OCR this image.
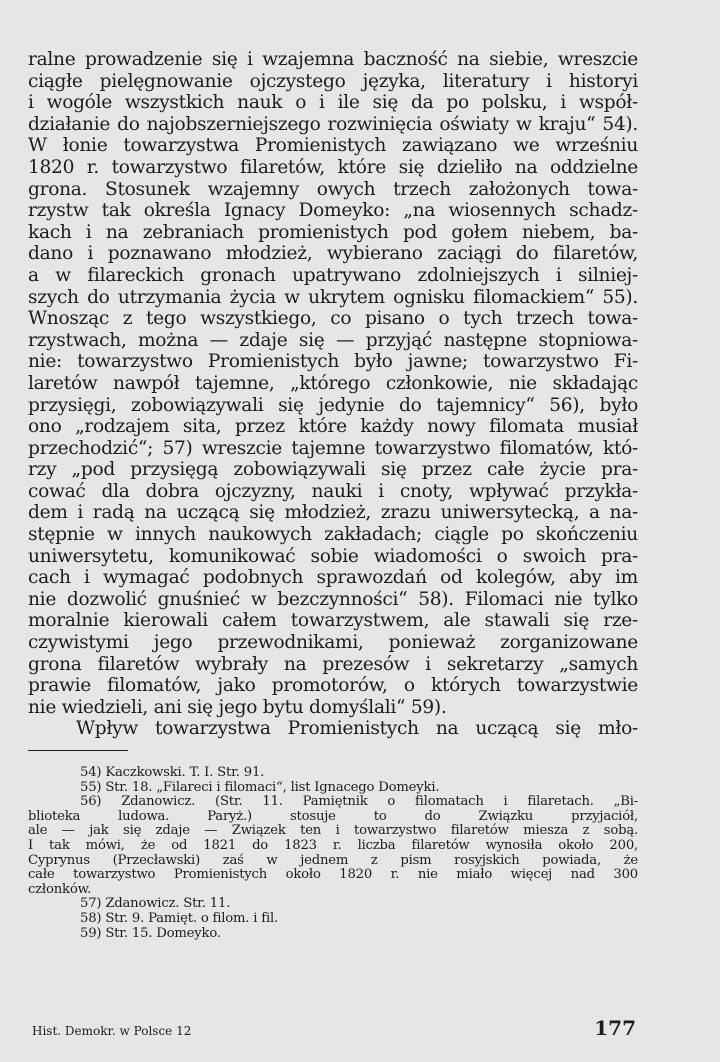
ralne prowadzenie się i wzajemna baczność na siebie, wreszcie
ciągłe pielęgnowanie ojczystego języka, literatury i historyi
i wogóle wszystkich nauk o i ile się da po polsku, i współ-
działanie do najobszerniejszego rozwinięcia oświaty w kraju“ 54).
W łonie towarzystwa Promienistych zawiązano we wrześniu
1820 r. towarzystwo filaretów, które się dzieliło na oddzielne
grona. Stosunek wzajemny owych trzech założonych towa-
rzystw tak określa Ignacy Domeyko: „na wiosennych schadz-
kach i na zebraniach promienistych pod gołem niebem, ba-
dano i poznawano młodzież, wybierano zaciągi do filaretów,
a w filareckich gronach upatrywano zdolniejszych i silniej-
szych do utrzymania życia w ukrytem ognisku filomackiem“ 55).
Wnosząc z tego wszystkiego, co pisano o tych trzech towa-
rzystwach, można — zdaje się — przyjąć następne stopniowa-
nie: towarzystwo Promienistych było jawne; towarzystwo Fi-
laretów nawpół tajemne, „którego członkowie, nie składając
przysięgi, zobowiązywali się jedynie do tajemnicy“ 56), było
ono „rodzajem sita, przez które każdy nowy filomata musiał
przechodzić“; 57) wreszcie tajemne towarzystwo filomatów, któ-
rzy „pod przysięgą zobowiązywali się przez całe życie pra-
cować dla dobra ojczyzny, nauki i cnoty, wpływać przykła-
dem i radą na uczącą się młodzież, zrazu uniwersytecką, a na-
stępnie w innych naukowych zakładach; ciągle po skończeniu
uniwersytetu, komunikować sobie wiadomości o swoich pra-
cach i wymagać podobnych sprawozdań od kolegów, aby im
nie dozwolić gnuśnieć w bezczynności“ 58). Filomaci nie tylko
moralnie kierowali całem towarzystwem, ale stawali się rze-
czywistymi jego przewodnikami, ponieważ zorganizowane
grona filaretów wybrały na prezesów i sekretarzy „samych
prawie filomatów, jako promotorów, o których towarzystwie
nie wiedzieli, ani się jego bytu domyślali“ 59).
Wpływ towarzystwa Promienistych na uczącą się mło-
54) Kaczkowski. T. I. Str. 91.
55) Str. 18. „Filareci i filomaci“, list Ignacego Domeyki.
56) Zdanowicz. (Str. 11. Pamiętnik o filomatach i filaretach. „Bi-
blioteka ludowa. Paryż.) stosuje to do Związku przyjaciół,
ale — jak się zdaje — Związek ten i towarzystwo filaretów miesza z sobą.
I tak mówi, że od 1821 do 1823 r. liczba filaretów wynosiła około 200,
Cyprynus (Przecławski) zaś w jednem z pism rosyjskich powiada, że
całe towarzystwo Promienistych około 1820 r. nie miało więcej nad 300
członków.
57) Zdanowicz. Str. 11.
58) Str. 9. Pamięt. o filom. i fil.
59) Str. 15. Domeyko.
Hist. Demokr. w Polsce 12	177
